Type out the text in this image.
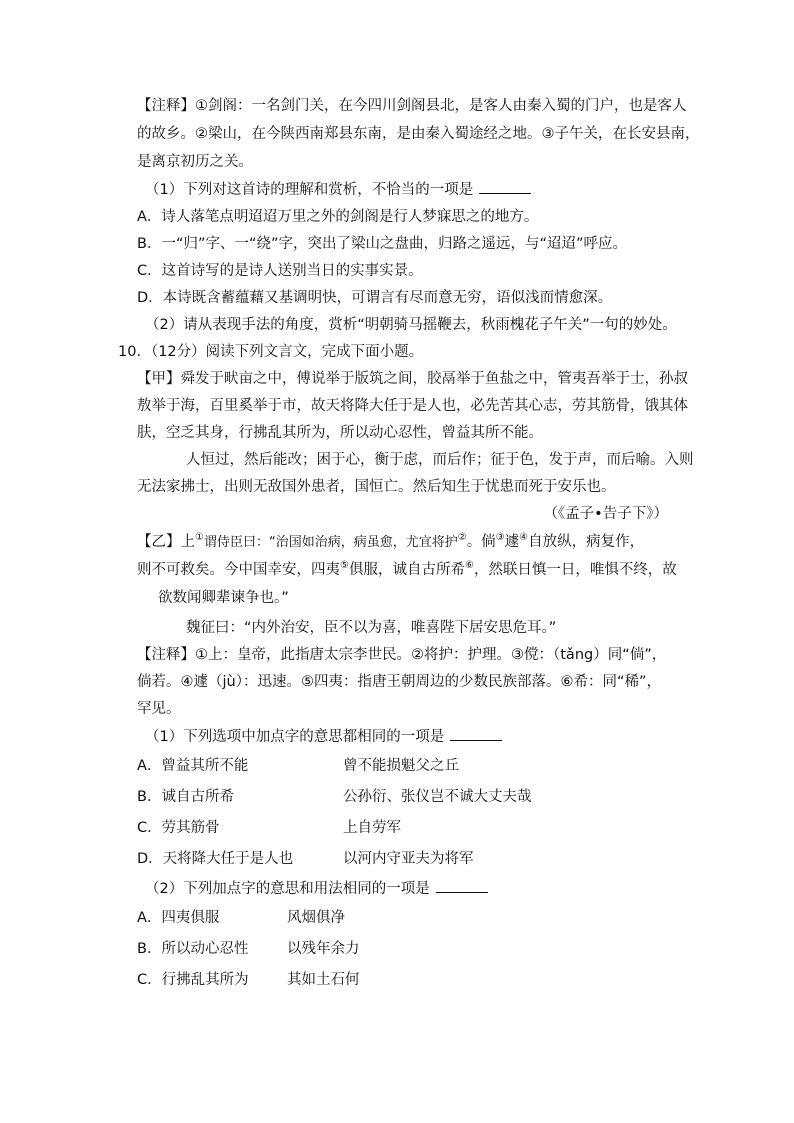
【注释】①剑阁：一名剑门关，在今四川剑阁县北，是客人由秦入蜀的门户，也是客人
的故乡。②梁山，在今陕西南郑县东南，是由秦入蜀途经之地。③子午关，在长安县南，
是离京初历之关。
（1）下列对这首诗的理解和赏析，不恰当的一项是
A．诗人落笔点明迢迢万里之外的剑阁是行人梦寐思之的地方。
B．一“归”字、一“绕”字，突出了梁山之盘曲，归路之遥远，与“迢迢”呼应。
C．这首诗写的是诗人送别当日的实事实景。
D．本诗既含蓄蕴藉又基调明快，可谓言有尽而意无穷，语似浅而情愈深。
（2）请从表现手法的角度，赏析“明朝骑马摇鞭去，秋雨槐花子午关”一句的妙处。
10．（12分）阅读下列文言文，完成下面小题。
【甲】舜发于畎亩之中，傅说举于版筑之间，胶鬲举于鱼盐之中，管夷吾举于士，孙叔
敖举于海，百里奚举于市，故天将降大任于是人也，必先苦其心志，劳其筋骨，饿其体
肤，空乏其身，行拂乱其所为，所以动心忍性，曾益其所不能。
人恒过，然后能改；困于心，衡于虑，而后作；征于色，发于声，而后喻。入则
无法家拂士，出则无敌国外患者，国恒亡。然后知生于忧患而死于安乐也。
（《孟子•告子下》）
【乙】上①谓侍臣曰：“治国如治病，病虽愈，尤宜将护②。倘③遽④自放纵，病复作，
则不可救矣。今中国幸安，四夷⑤俱服，诚自古所希⑥，然联日慎一日，唯惧不终，故
欲数闻卿辈谏争也。”
魏征曰：“内外治安，臣不以为喜，唯喜陛下居安思危耳。”
【注释】①上：皇帝，此指唐太宗李世民。②将护：护理。③傥：（tǎng）同“倘”，
倘若。④遽（jù）：迅速。⑤四夷：指唐王朝周边的少数民族部落。⑥希：同“稀”，
罕见。
（1）下列选项中加点字的意思都相同的一项是
A．曾益其所不能	曾不能损魁父之丘
B．诚自古所希	公孙衍、张仪岂不诚大丈夫哉
C．劳其筋骨	上自劳军
D．天将降大任于是人也	以河内守亚夫为将军
（2）下列加点字的意思和用法相同的一项是
A．四夷俱服	风烟俱净
B．所以动心忍性	以残年余力
C．行拂乱其所为	其如土石何
